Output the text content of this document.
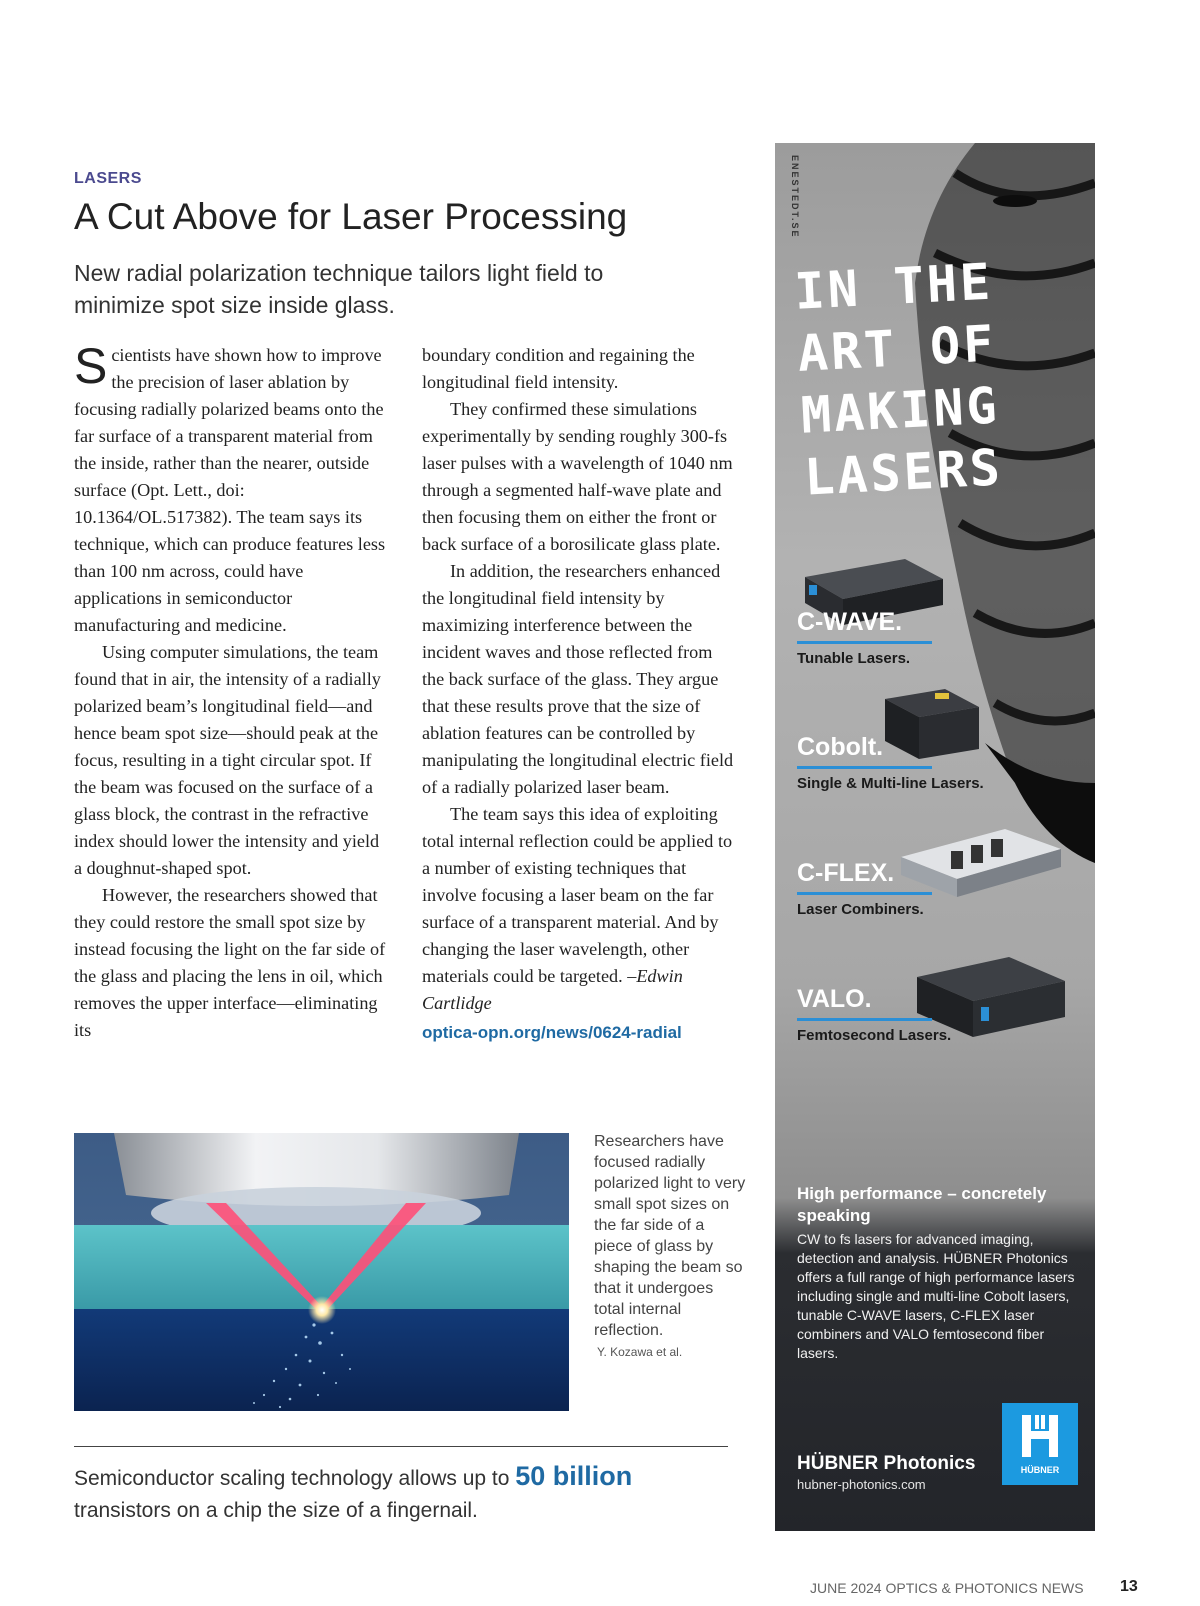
LASERS
A Cut Above for Laser Processing
New radial polarization technique tailors light field to minimize spot size inside glass.

Scientists have shown how to improve the precision of laser ablation by focusing radially polarized beams onto the far surface of a transparent material from the inside, rather than the nearer, outside surface (Opt. Lett., doi: 10.1364/OL.517382). The team says its technique, which can produce features less than 100 nm across, could have applications in semiconductor manufacturing and medicine.

Using computer simulations, the team found that in air, the intensity of a radially polarized beam’s longitudinal field—and hence beam spot size—should peak at the focus, resulting in a tight circular spot. If the beam was focused on the surface of a glass block, the contrast in the refractive index should lower the intensity and yield a doughnut-shaped spot.

However, the researchers showed that they could restore the small spot size by instead focusing the light on the far side of the glass and placing the lens in oil, which removes the upper interface—eliminating its

boundary condition and regaining the longitudinal field intensity.

They confirmed these simulations experimentally by sending roughly 300-fs laser pulses with a wavelength of 1040 nm through a segmented half-wave plate and then focusing them on either the front or back surface of a borosilicate glass plate.

In addition, the researchers enhanced the longitudinal field intensity by maximizing interference between the incident waves and those reflected from the back surface of the glass. They argue that these results prove that the size of ablation features can be controlled by manipulating the longitudinal electric field of a radially polarized laser beam.

The team says this idea of exploiting total internal reflection could be applied to a number of existing techniques that involve focusing a laser beam on the far surface of a transparent material. And by changing the laser wavelength, other materials could be targeted. –Edwin Cartlidge

optica-opn.org/news/0624-radial

Researchers have focused radially polarized light to very small spot sizes on the far side of a piece of glass by shaping the beam so that it undergoes total internal reflection.
Y. Kozawa et al.
Semiconductor scaling technology allows up to 50 billion
transistors on a chip the size of a fingernail.
JUNE 2024 OPTICS & PHOTONICS NEWS 13
ENESTEDT.SE
IN THE ART OF MAKING LASERS
C-WAVE.
Tunable Lasers.
Cobolt.
Single & Multi-line Lasers.
C-FLEX.
Laser Combiners.
VALO.
Femtosecond Lasers.
High performance – concretely speaking
CW to fs lasers for advanced imaging, detection and analysis. HÜBNER Photonics offers a full range of high performance lasers including single and multi-line Cobolt lasers, tunable C-WAVE lasers, C-FLEX laser combiners and VALO femtosecond fiber lasers.
HÜBNER Photonics
hubner-photonics.com
HÜBNER
